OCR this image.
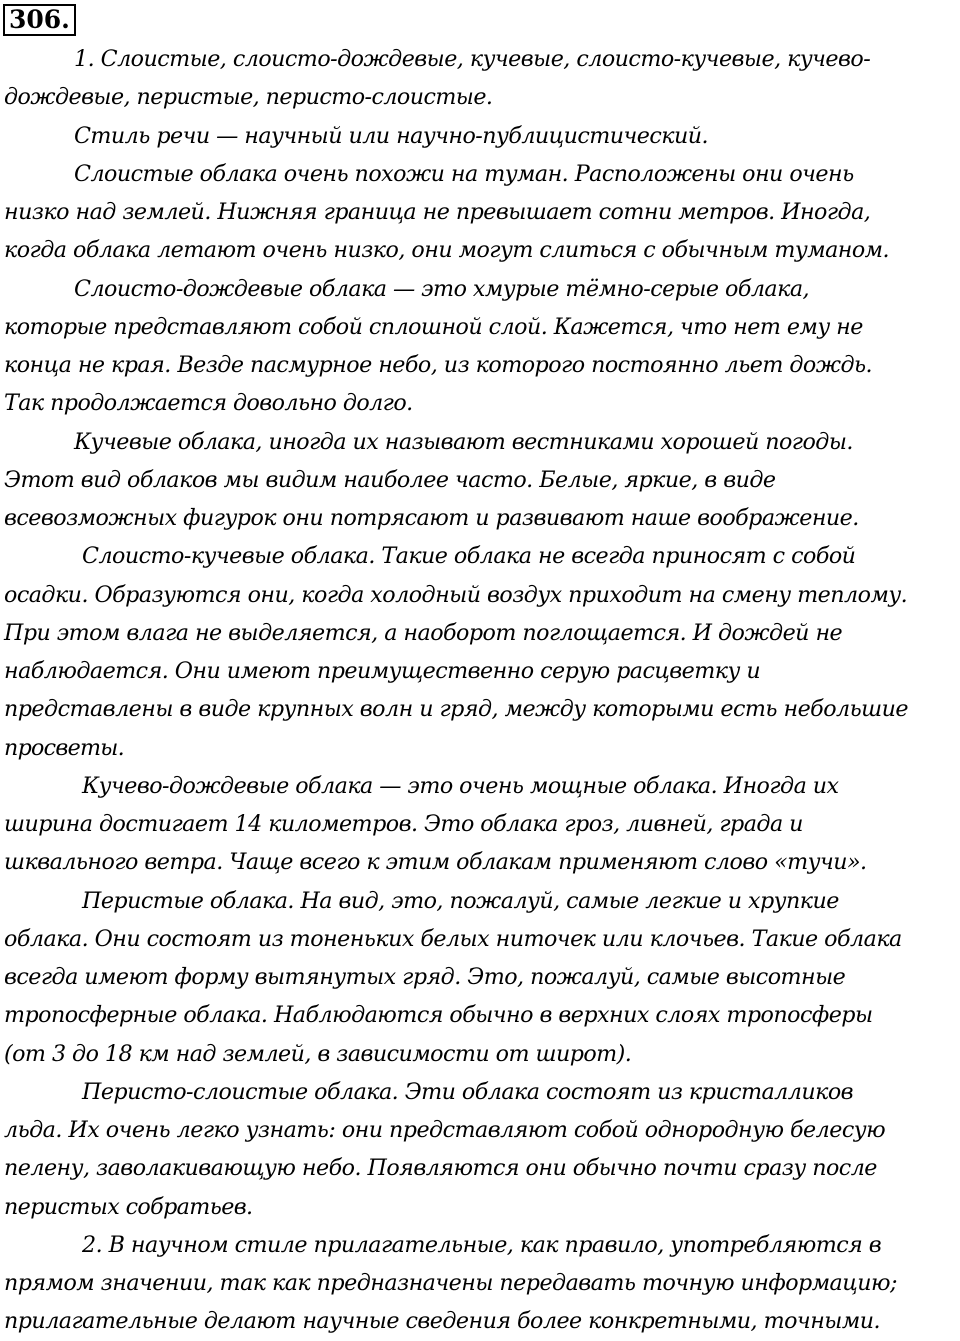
306.
1. Слоистые, слоисто-дождевые, кучевые, слоисто-кучевые, кучево-
дождевые, перистые, перисто-слоистые.
Стиль речи — научный или научно-публицистический.
Слоистые облака очень похожи на туман. Расположены они очень
низко над землей. Нижняя граница не превышает сотни метров. Иногда,
когда облака летают очень низко, они могут слиться с обычным туманом.
Слоисто-дождевые облака — это хмурые тёмно-серые облака,
которые представляют собой сплошной слой. Кажется, что нет ему не
конца не края. Везде пасмурное небо, из которого постоянно льет дождь.
Так продолжается довольно долго.
Кучевые облака, иногда их называют вестниками хорошей погоды.
Этот вид облаков мы видим наиболее часто. Белые, яркие, в виде
всевозможных фигурок они потрясают и развивают наше воображение.
Слоисто-кучевые облака. Такие облака не всегда приносят с собой
осадки. Образуются они, когда холодный воздух приходит на смену теплому.
При этом влага не выделяется, а наоборот поглощается. И дождей не
наблюдается. Они имеют преимущественно серую расцветку и
представлены в виде крупных волн и гряд, между которыми есть небольшие
просветы.
Кучево-дождевые облака — это очень мощные облака. Иногда их
ширина достигает 14 километров. Это облака гроз, ливней, града и
шквального ветра. Чаще всего к этим облакам применяют слово «тучи».
Перистые облака. На вид, это, пожалуй, самые легкие и хрупкие
облака. Они состоят из тоненьких белых ниточек или клочьев. Такие облака
всегда имеют форму вытянутых гряд. Это, пожалуй, самые высотные
тропосферные облака. Наблюдаются обычно в верхних слоях тропосферы
(от 3 до 18 км над землей, в зависимости от широт).
Перисто-слоистые облака. Эти облака состоят из кристалликов
льда. Их очень легко узнать: они представляют собой однородную белесую
пелену, заволакивающую небо. Появляются они обычно почти сразу после
перистых собратьев.
2. В научном стиле прилагательные, как правило, употребляются в
прямом значении, так как предназначены передавать точную информацию;
прилагательные делают научные сведения более конкретными, точными.
